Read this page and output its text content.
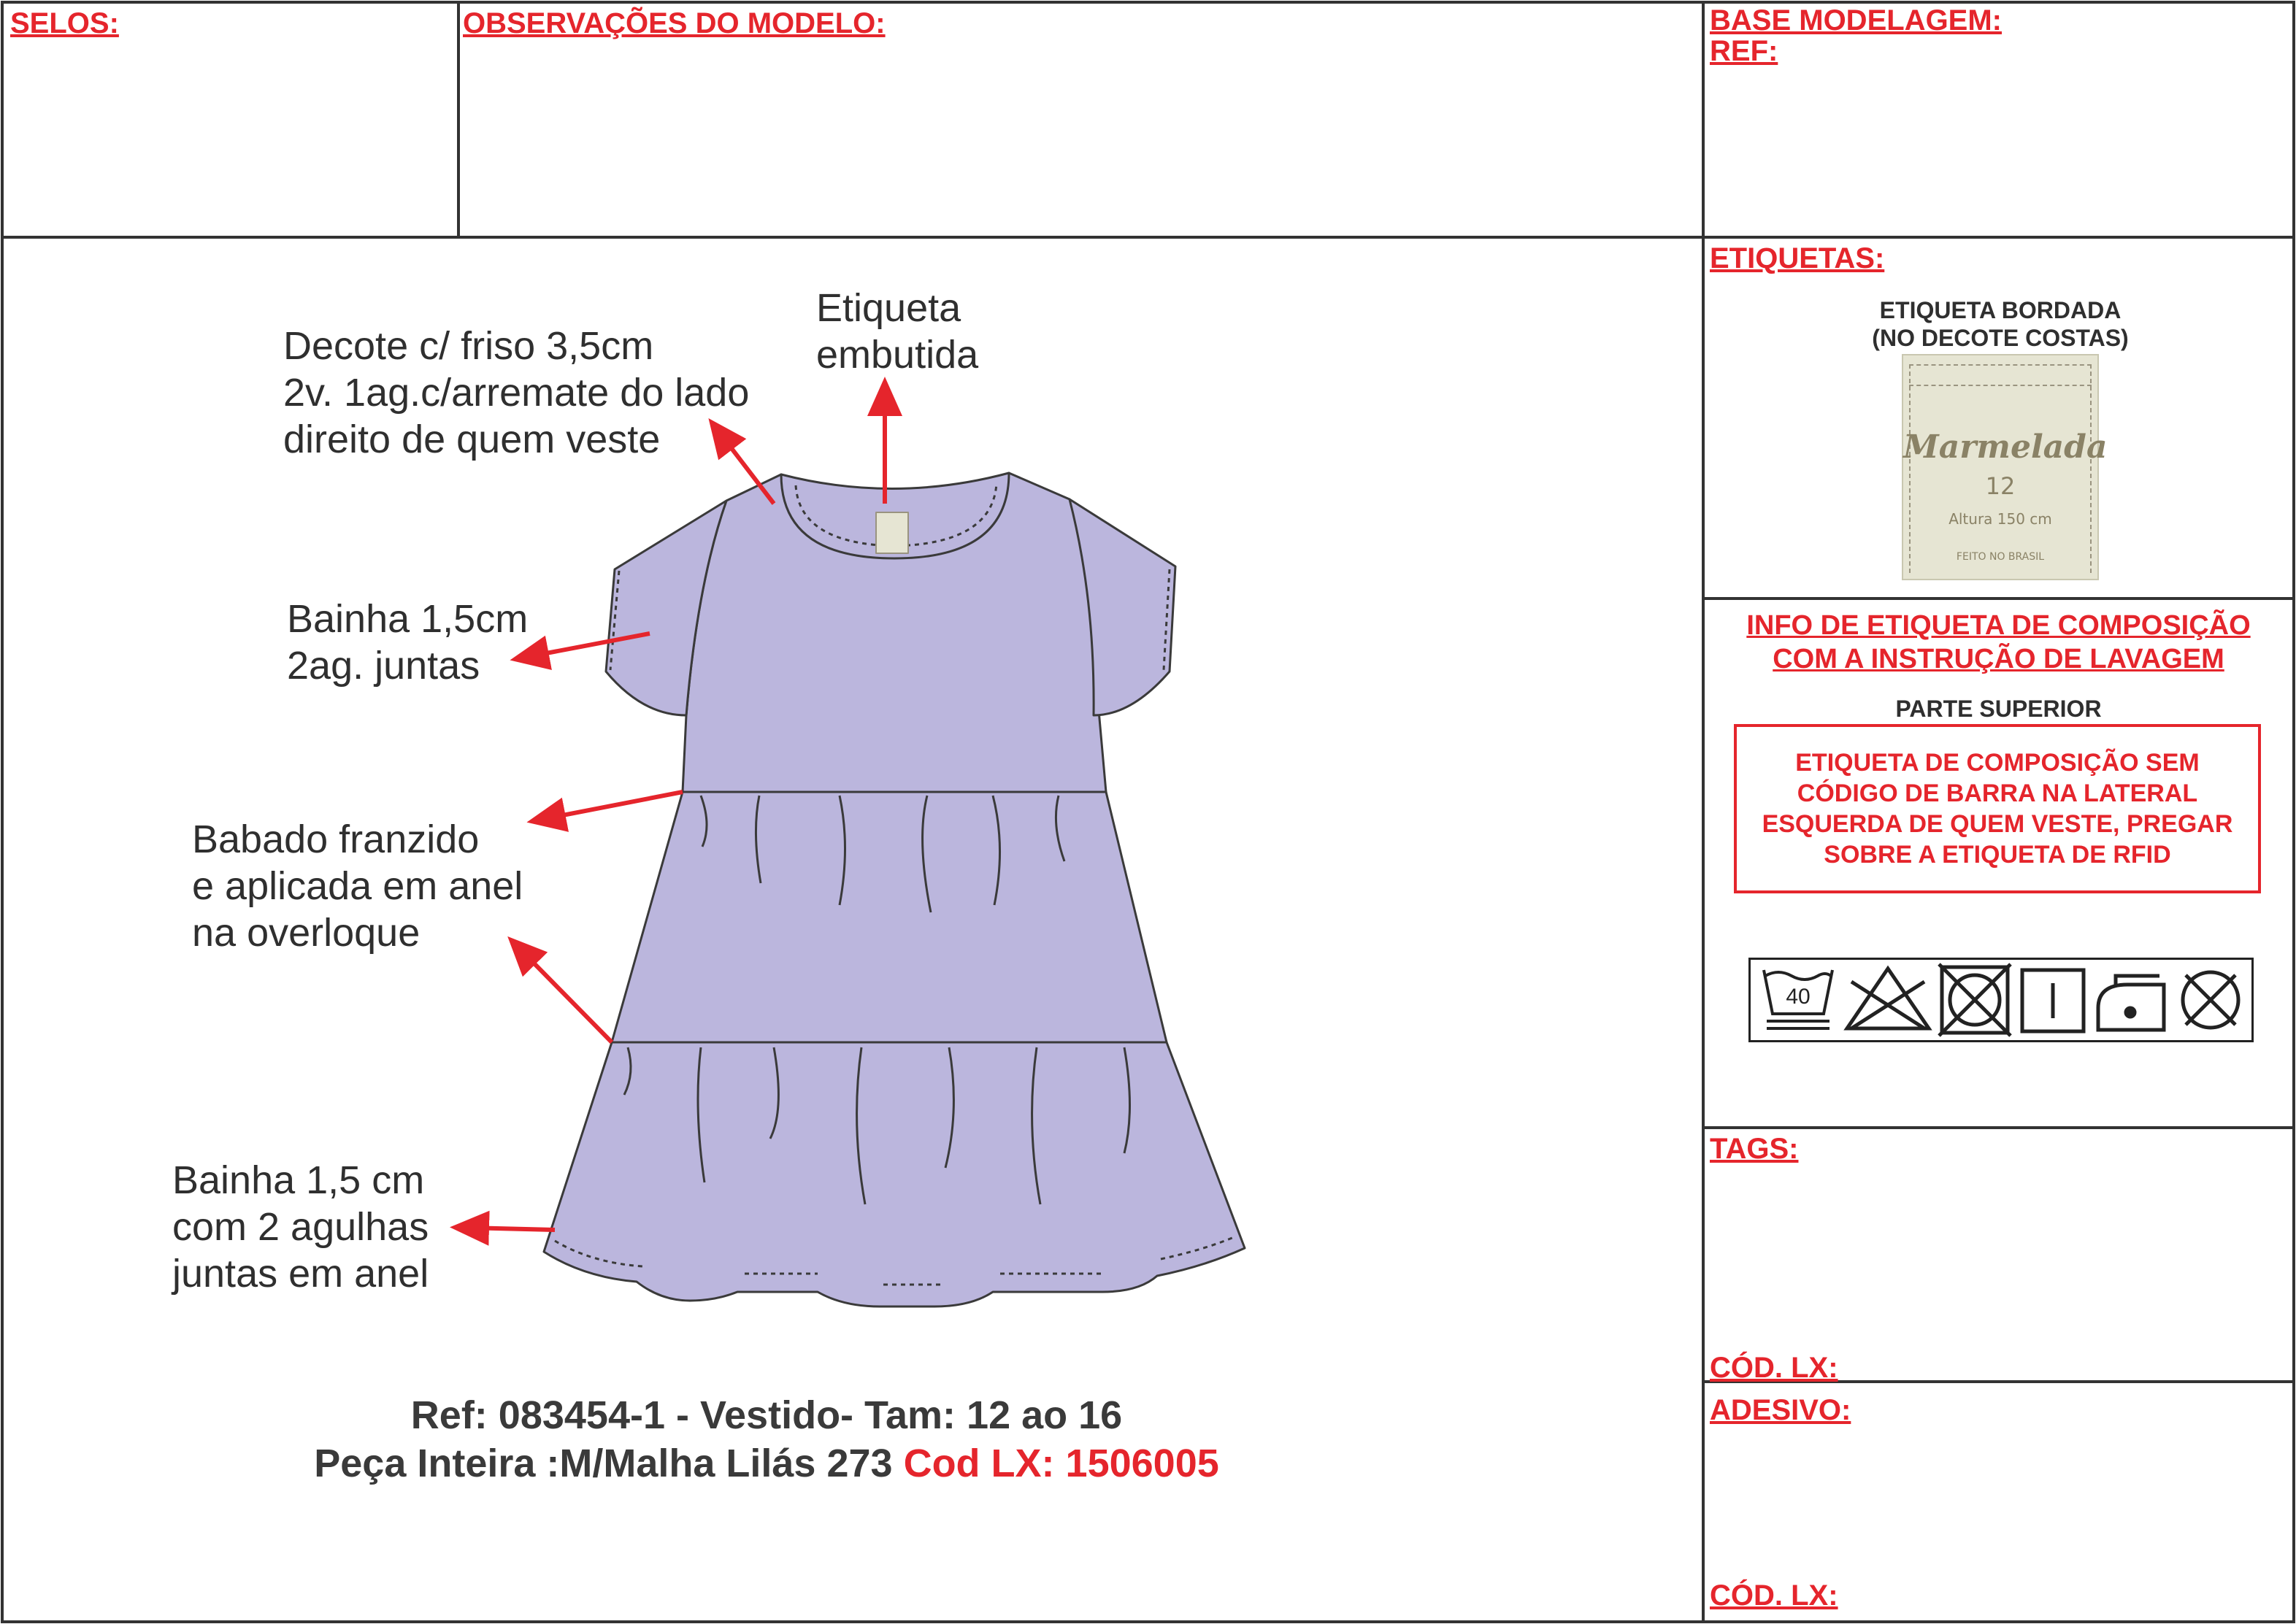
SELOS:	OBSERVAÇÕES DO MODELO:	BASE MODELAGEM:
REF:
ETIQUETAS:
ETIQUETA BORDADA
(NO DECOTE COSTAS)
Marmelada
12
Altura 150 cm
FEITO NO BRASIL
INFO DE ETIQUETA DE COMPOSIÇÃO
COM A INSTRUÇÃO DE LAVAGEM
PARTE SUPERIOR
ETIQUETA DE COMPOSIÇÃO SEM
CÓDIGO DE BARRA NA LATERAL
ESQUERDA DE QUEM VESTE, PREGAR
SOBRE A ETIQUETA DE RFID
40
TAGS:
CÓD. LX:
ADESIVO:
CÓD. LX:
Etiqueta
embutida
Decote c/ friso 3,5cm
2v. 1ag.c/arremate do lado
direito de quem veste
Bainha 1,5cm
2ag. juntas
Babado franzido
e aplicada em anel
na overloque
Bainha 1,5 cm
com 2 agulhas
juntas em anel
Ref: 083454-1 - Vestido- Tam: 12 ao 16
Peça Inteira :M/Malha Lilás 273 Cod LX: 1506005
